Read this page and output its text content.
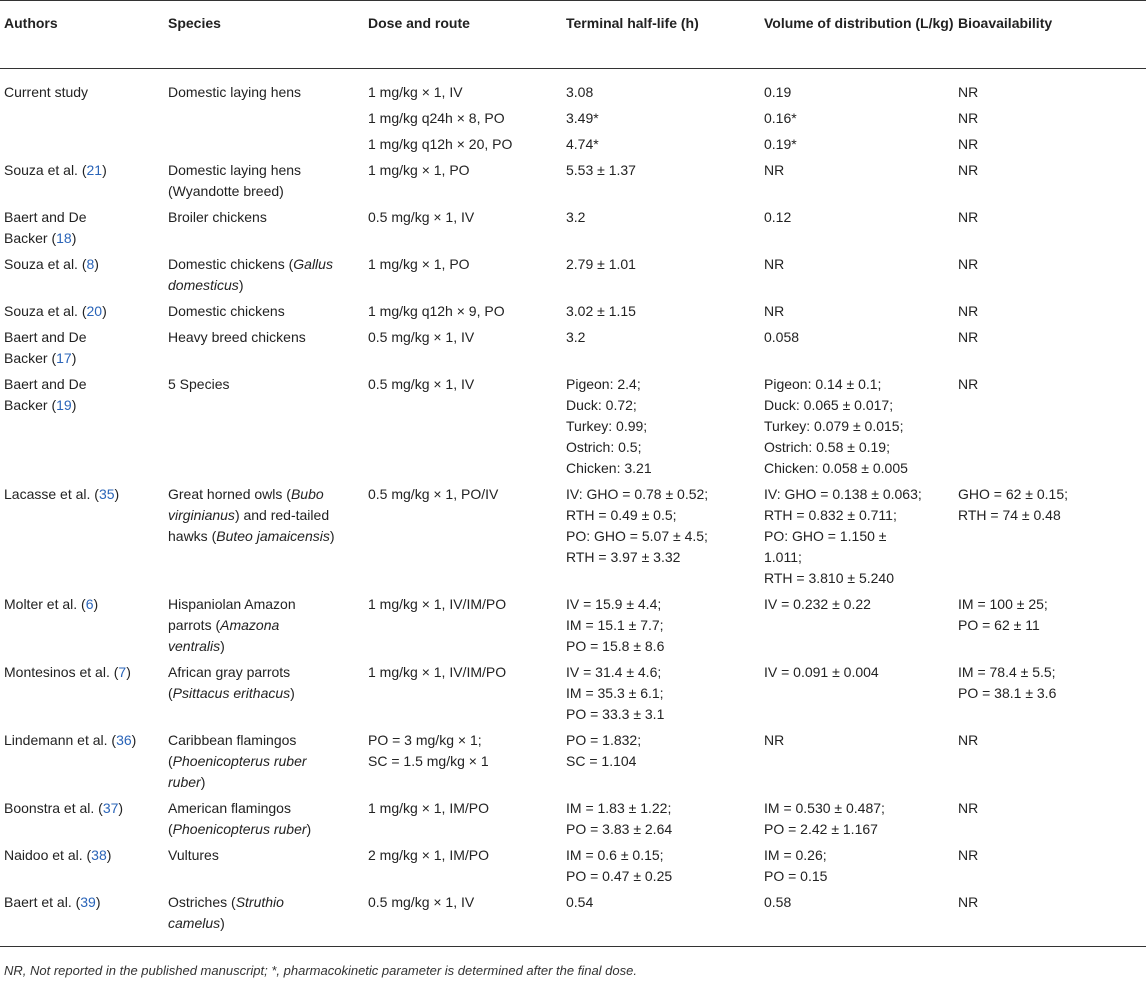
Authors	Species	Dose and route	Terminal half-life (h)	Volume of distribution (L/kg)	Bioavailability

Current study	Domestic laying hens	1 mg/kg × 1, IV	3.08	0.19	NR

		1 mg/kg q24h × 8, PO	3.49*	0.16*	NR

		1 mg/kg q12h × 20, PO	4.74*	0.19*	NR

Souza et al. (21)	Domestic laying hens
(Wyandotte breed)	1 mg/kg × 1, PO	5.53 ± 1.37	NR	NR

Baert and De
Backer (18)	Broiler chickens	0.5 mg/kg × 1, IV	3.2	0.12	NR

Souza et al. (8)	Domestic chickens (Gallus
domesticus)	1 mg/kg × 1, PO	2.79 ± 1.01	NR	NR

Souza et al. (20)	Domestic chickens	1 mg/kg q12h × 9, PO	3.02 ± 1.15	NR	NR

Baert and De
Backer (17)	Heavy breed chickens	0.5 mg/kg × 1, IV	3.2	0.058	NR

Baert and De
Backer (19)	5 Species	0.5 mg/kg × 1, IV	Pigeon: 2.4;
Duck: 0.72;
Turkey: 0.99;
Ostrich: 0.5;
Chicken: 3.21	Pigeon: 0.14 ± 0.1;
Duck: 0.065 ± 0.017;
Turkey: 0.079 ± 0.015;
Ostrich: 0.58 ± 0.19;
Chicken: 0.058 ± 0.005	NR

Lacasse et al. (35)	Great horned owls (Bubo
virginianus) and red-tailed
hawks (Buteo jamaicensis)	0.5 mg/kg × 1, PO/IV	IV: GHO = 0.78 ± 0.52;
RTH = 0.49 ± 0.5;
PO: GHO = 5.07 ± 4.5;
RTH = 3.97 ± 3.32	IV: GHO = 0.138 ± 0.063;
RTH = 0.832 ± 0.711;
PO: GHO = 1.150 ±
1.011;
RTH = 3.810 ± 5.240	GHO = 62 ± 0.15;
RTH = 74 ± 0.48

Molter et al. (6)	Hispaniolan Amazon
parrots (Amazona
ventralis)	1 mg/kg × 1, IV/IM/PO	IV = 15.9 ± 4.4;
IM = 15.1 ± 7.7;
PO = 15.8 ± 8.6	IV = 0.232 ± 0.22	IM = 100 ± 25;
PO = 62 ± 11

Montesinos et al. (7)	African gray parrots
(Psittacus erithacus)	1 mg/kg × 1, IV/IM/PO	IV = 31.4 ± 4.6;
IM = 35.3 ± 6.1;
PO = 33.3 ± 3.1	IV = 0.091 ± 0.004	IM = 78.4 ± 5.5;
PO = 38.1 ± 3.6

Lindemann et al. (36)	Caribbean flamingos
(Phoenicopterus ruber
ruber)	PO = 3 mg/kg × 1;
SC = 1.5 mg/kg × 1	PO = 1.832;
SC = 1.104	NR	NR

Boonstra et al. (37)	American flamingos
(Phoenicopterus ruber)	1 mg/kg × 1, IM/PO	IM = 1.83 ± 1.22;
PO = 3.83 ± 2.64	IM = 0.530 ± 0.487;
PO = 2.42 ± 1.167	NR

Naidoo et al. (38)	Vultures	2 mg/kg × 1, IM/PO	IM = 0.6 ± 0.15;
PO = 0.47 ± 0.25	IM = 0.26;
PO = 0.15	NR

Baert et al. (39)	Ostriches (Struthio
camelus)	0.5 mg/kg × 1, IV	0.54	0.58	NR
NR, Not reported in the published manuscript; *, pharmacokinetic parameter is determined after the final dose.
